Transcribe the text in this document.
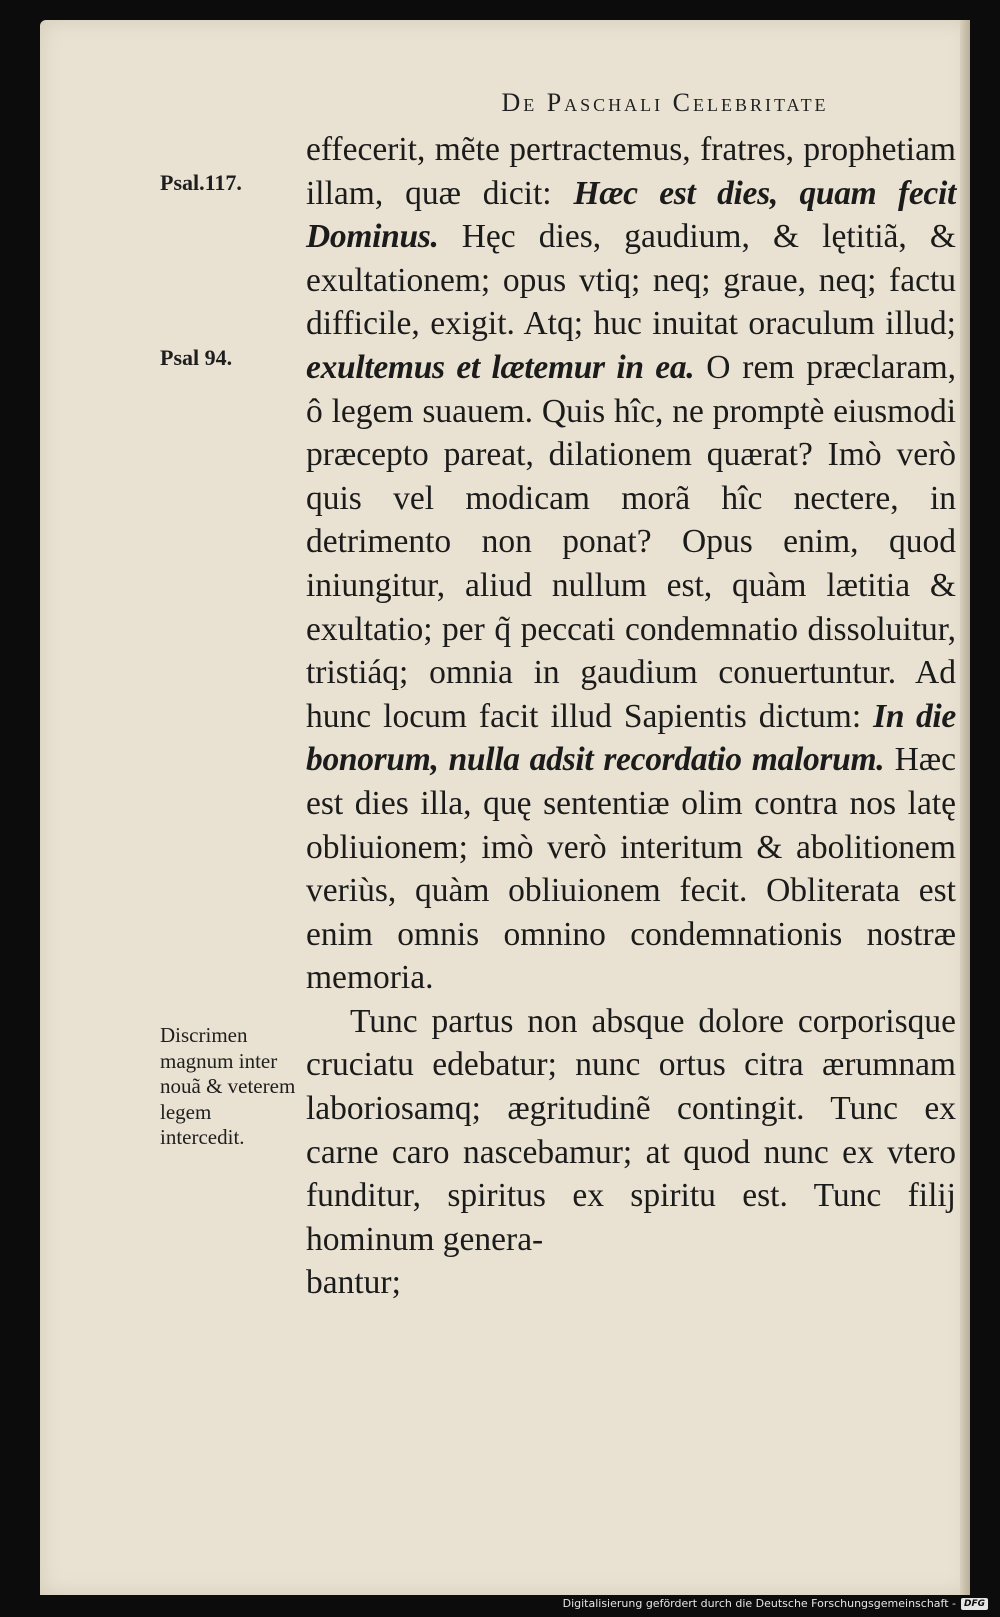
De Paschali Celebritate
Psal.117.
Psal 94.
Discrimen magnum inter nouã & veterem legem intercedit.

effecerit, mẽte pertractemus, fratres, prophetiam illam, quæ dicit: Hæc est dies, quam fecit Dominus. Hęc dies, gaudium, & lętitiã, & exultationem; opus vtiq; neq; graue, neq; factu difficile, exigit. Atq; huc inuitat oraculum illud; exultemus et lætemur in ea. O rem præclaram, ô legem suauem. Quis hîc, ne promptè eiusmodi præcepto pareat, dilationem quærat? Imò verò quis vel modicam morã hîc nectere, in detrimento non ponat? Opus enim, quod iniungitur, aliud nullum est, quàm lætitia & exultatio; per q̃ peccati condemnatio dissoluitur, tristiáq; omnia in gaudium conuertuntur. Ad hunc locum facit illud Sapientis dictum: In die bonorum, nulla adsit recordatio malorum. Hæc est dies illa, quę sententiæ olim contra nos latę obliuionem; imò verò interitum & abolitionem veriùs, quàm obliuionem fecit. Obliterata est enim omnis omnino condemnationis nostræ memoria.

Tunc partus non absque dolore corporisque cruciatu edebatur; nunc ortus citra ærumnam laboriosamq; ægritudinẽ contingit. Tunc ex carne caro nascebamur; at quod nunc ex vtero funditur, spiritus ex spiritu est. Tunc filij hominum genera-

bantur;

Digitalisierung gefördert durch die Deutsche Forschungsgemeinschaft - DFG
